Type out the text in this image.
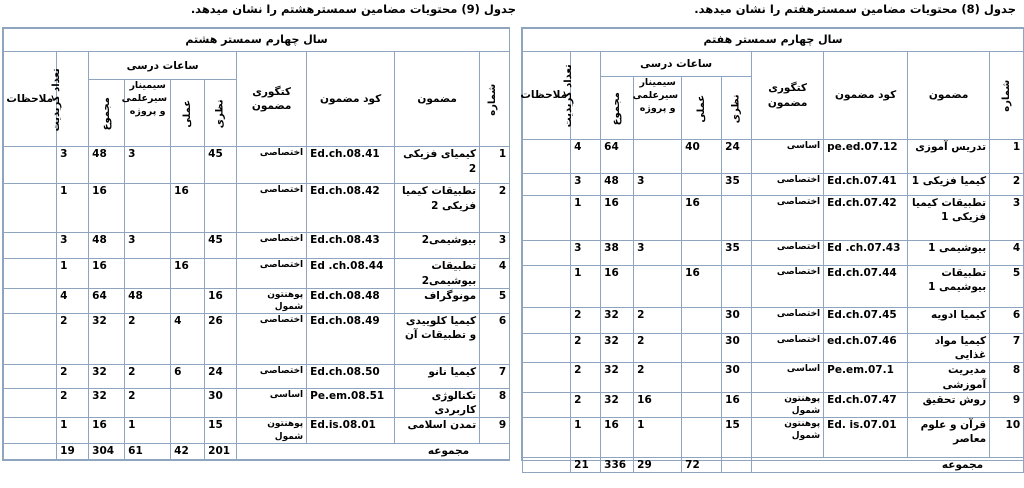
جدول (9) محتویات مضامین سمسترهشتم را نشان میدهد.	جدول (8) محتویات مضامین سمسترهفتم را نشان میدهد.
سال چهارم سمستر هشتم									
شماره	مضمون	کود مضمون	کتگوری مضمون	ساعات درسی				تعداد کریدیت	ملاحظات
				نظری	عملی	سیمینار سیرعلمی و پروژه	مجموع		
1	کیمیای فزیکی 2	Ed.ch.08.41	اختصاصی	45		3	48	3	
2	تطبیقات کیمیا فزیکی 2	Ed.ch.08.42	اختصاصی		16		16	1	
3	بیوشیمی2	Ed.ch.08.43	اختصاصی	45		3	48	3	
4	تطبیقات بیوشیمی2	Ed .ch.08.44	اختصاصی		16		16	1	
5	مونوگراف	Ed.ch.08.48	پوهنتون شمول	16		48	64	4	
6	کیمیا کلوییدی و تطبیقات آن	Ed.ch.08.49	اختصاصی	26	4	2	32	2	
7	کیمیا نانو	Ed.ch.08.50	اختصاصی	24	6	2	32	2	
8	تکنالوژی کاربردی	Pe.em.08.51	اساسی	30		2	32	2	
9	تمدن اسلامی	Ed.is.08.01	پوهنتون شمول	15		1	16	1	
مجموعه				201	42	61	304	19	
سال چهارم سمستر هفتم									
شماره	مضمون	کود مضمون	کتگوری مضمون	ساعات درسی				تعداد کریدیت	ملاحظات
				نظری	عملی	سیمینار سیرعلمی و پروژه	مجموع		
1	تدریس آموزی	pe.ed.07.12	اساسی	24	40		64	4	
2	کیمیا فزیکی 1	Ed.ch.07.41	اختصاصی	35		3	48	3	
3	تطبیقات کیمیا فزیکی 1	Ed.ch.07.42	اختصاصی		16		16	1	
4	بیوشیمی 1	Ed .ch.07.43	اختصاصی	35		3	38	3	
5	تطبیقات بیوشیمی 1	Ed.ch.07.44	اختصاصی		16		16	1	
6	کیمیا ادویه	Ed.ch.07.45	اختصاصی	30		2	32	2	
7	کیمیا مواد غذایی	ed.ch.07.46	اختصاصی	30		2	32	2	
8	مدیریت آموزشی	Pe.em.07.1	اساسی	30		2	32	2	
9	روش تحقیق	Ed.ch.07.47	پوهنتون شمول	16		16	32	2	
10	قرآن و علوم معاصر	Ed. is.07.01	پوهنتون شمول	15		1	16	1	
مجموعه					72	29	336	21	
